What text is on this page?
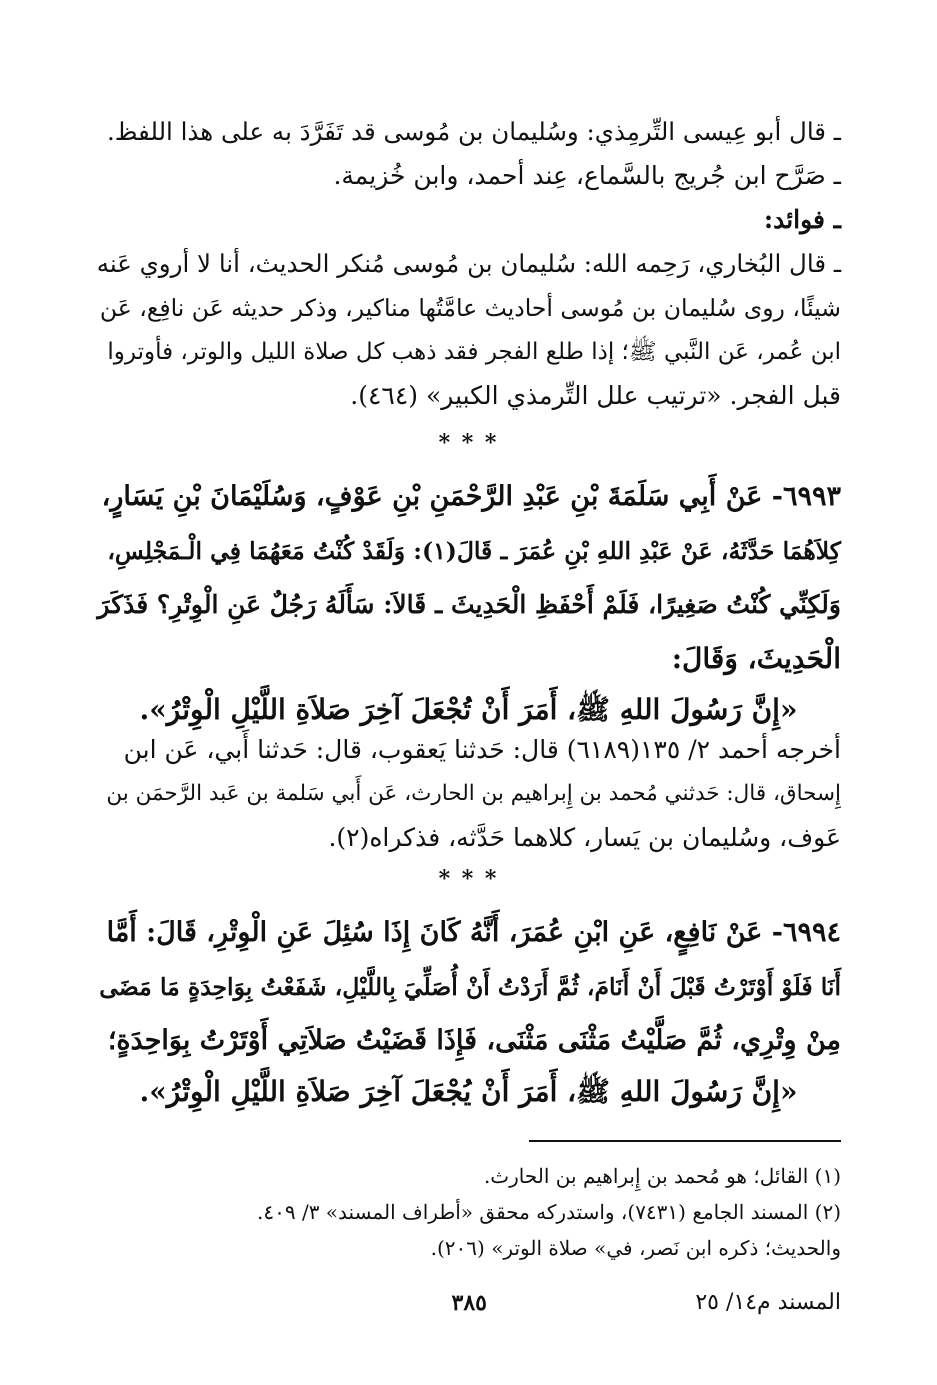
ـ قال أبو عِيسى التِّرمِذي: وسُليمان بن مُوسى قد تَفَرَّدَ به على هذا اللفظ.
ـ صَرَّح ابن جُريج بالسَّماع، عِند أحمد، وابن خُزيمة.
ـ فوائد:
ـ قال البُخاري، رَحِمه الله: سُليمان بن مُوسى مُنكر الحديث، أنا لا أروي عَنه
شيئًا، روى سُليمان بن مُوسى أحاديث عامَّتُها مناكير، وذكر حديثه عَن نافِع، عَن
ابن عُمر، عَن النَّبي ﷺ؛ إذا طلع الفجر فقد ذهب كل صلاة الليل والوتر، فأوتروا
قبل الفجر. «ترتيب علل التِّرمذي الكبير» (٤٦٤).
* * *
٦٩٩٣- عَنْ أَبِي سَلَمَةَ بْنِ عَبْدِ الرَّحْمَنِ بْنِ عَوْفٍ، وَسُلَيْمَانَ بْنِ يَسَارٍ،
كِلاَهُمَا حَدَّثَهُ، عَنْ عَبْدِ اللهِ بْنِ عُمَرَ ـ قَالَ(١): وَلَقَدْ كُنْتُ مَعَهُمَا فِي الْـمَجْلِسِ،
وَلَكِنِّي كُنْتُ صَغِيرًا، فَلَمْ أَحْفَظِ الْحَدِيثَ ـ قَالاَ: سَأَلَهُ رَجُلٌ عَنِ الْوِتْرِ؟ فَذَكَرَ
الْحَدِيثَ، وَقَالَ:
«إِنَّ رَسُولَ اللهِ ﷺ، أَمَرَ أَنْ تُجْعَلَ آخِرَ صَلاَةِ اللَّيْلِ الْوِتْرُ».
أخرجه أحمد ٢/ ١٣٥(٦١٨٩) قال: حَدثنا يَعقوب، قال: حَدثنا أَبي، عَن ابن
إِسحاق، قال: حَدثني مُحمد بن إِبراهيم بن الحارث، عَن أَبي سَلمة بن عَبد الرَّحمَن بن
عَوف، وسُليمان بن يَسار، كلاهما حَدَّثه، فذكراه(٢).
* * *
٦٩٩٤- عَنْ نَافِعٍ، عَنِ ابْنِ عُمَرَ، أَنَّهُ كَانَ إِذَا سُئِلَ عَنِ الْوِتْرِ، قَالَ: أَمَّا
أَنَا فَلَوْ أَوْتَرْتُ قَبْلَ أَنْ أَنَامَ، ثُمَّ أَرَدْتُ أَنْ أُصَلِّيَ بِاللَّيْلِ، شَفَعْتُ بِوَاحِدَةٍ مَا مَضَى
مِنْ وِتْرِي، ثُمَّ صَلَّيْتُ مَثْنَى مَثْنَى، فَإِذَا قَضَيْتُ صَلاَتِي أَوْتَرْتُ بِوَاحِدَةٍ؛
«إِنَّ رَسُولَ اللهِ ﷺ، أَمَرَ أَنْ يُجْعَلَ آخِرَ صَلاَةِ اللَّيْلِ الْوِتْرُ».
(١) القائل؛ هو مُحمد بن إِبراهيم بن الحارث.
(٢) المسند الجامع (٧٤٣١)، واستدركه محقق «أطراف المسند» ٣/ ٤٠٩.
والحديث؛ ذكره ابن نَصر، في» صلاة الوتر» (٢٠٦).
المسند م١٤/ ٢٥
٣٨٥
